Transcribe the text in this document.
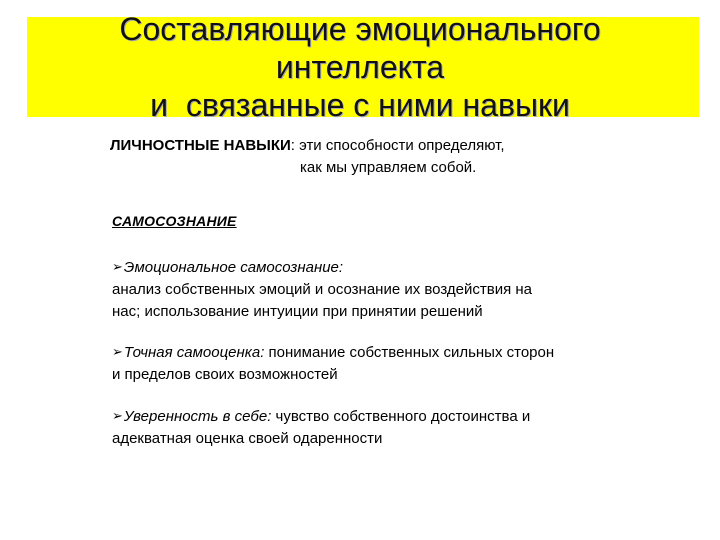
Составляющие эмоционального
интеллекта
и  связанные с ними навыки
ЛИЧНОСТНЫЕ НАВЫКИ: эти способности определяют,
как мы управляем собой.
САМОСОЗНАНИЕ
➢Эмоциональное самосознание:
анализ собственных эмоций и осознание их воздействия на
нас; использование интуиции при принятии решений
➢Точная самооценка: понимание собственных сильных сторон
и пределов своих возможностей
➢Уверенность в себе: чувство собственного достоинства и
адекватная оценка своей одаренности
